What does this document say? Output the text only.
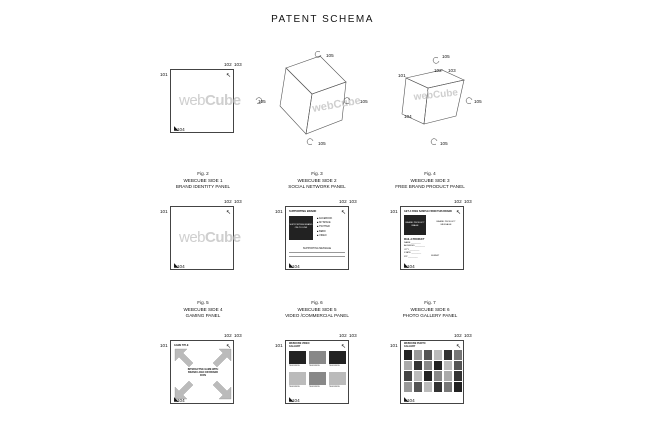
PATENT SCHEMA
webCube
↖
◣
101
102 103
104
webCube
105	105
105
105
webCube
101
102' 103
105
105
105
104
Fig. 2
WEBCUBE SIDE 1
BRAND IDENTITY PANEL
Fig. 3
WEBCUBE SIDE 2
SOCIAL NETWORK PANEL
Fig. 4
WEBCUBE SIDE 3
FREE BRAND PRODUCT PANEL
webCube
↖
◣
101
102 103
104
SUPPORTING BRAND
SUPPORTING BRAND ON-TO LINK
■ FACEBOOK
■ MYSPACE
■ TWITTER
■ BEBO
■ VIDEO
SUPPORTING MESSAGE
↖
◣
101
102 103
104
GET A FREE SAMPLE FROM THIS BRAND
BRAND PRODUCT IMAGE
BRAND PRODUCT MESSAGE
MAIL A PRODUCT
NAME ________
ADDRESS ________
CITY ________
STATE ________
ZIP ________	SUBMIT
↖
◣
101
102 103
104
Fig. 5
WEBCUBE SIDE 4
GAMING PANEL
Fig. 6
WEBCUBE SIDE 5
VIDEO /COMMERCIAL PANEL
Fig. 7
WEBCUBE SIDE 6
PHOTO GALLERY PANEL
GAME TITLE
INTERACTIVE GAME WITH BRAND LOGO OR BRAND ICON
↖
◣
101
102 103
104
WEBCUBE VIDEO GALLERY
TELEVISION	TELEVISION	TELEVISION
TELEVISION	TELEVISION	TELEVISION
↖
◣
101
102 103
104
WEBCUBE PHOTO GALLERY	↖
◣
101
102 103
104
